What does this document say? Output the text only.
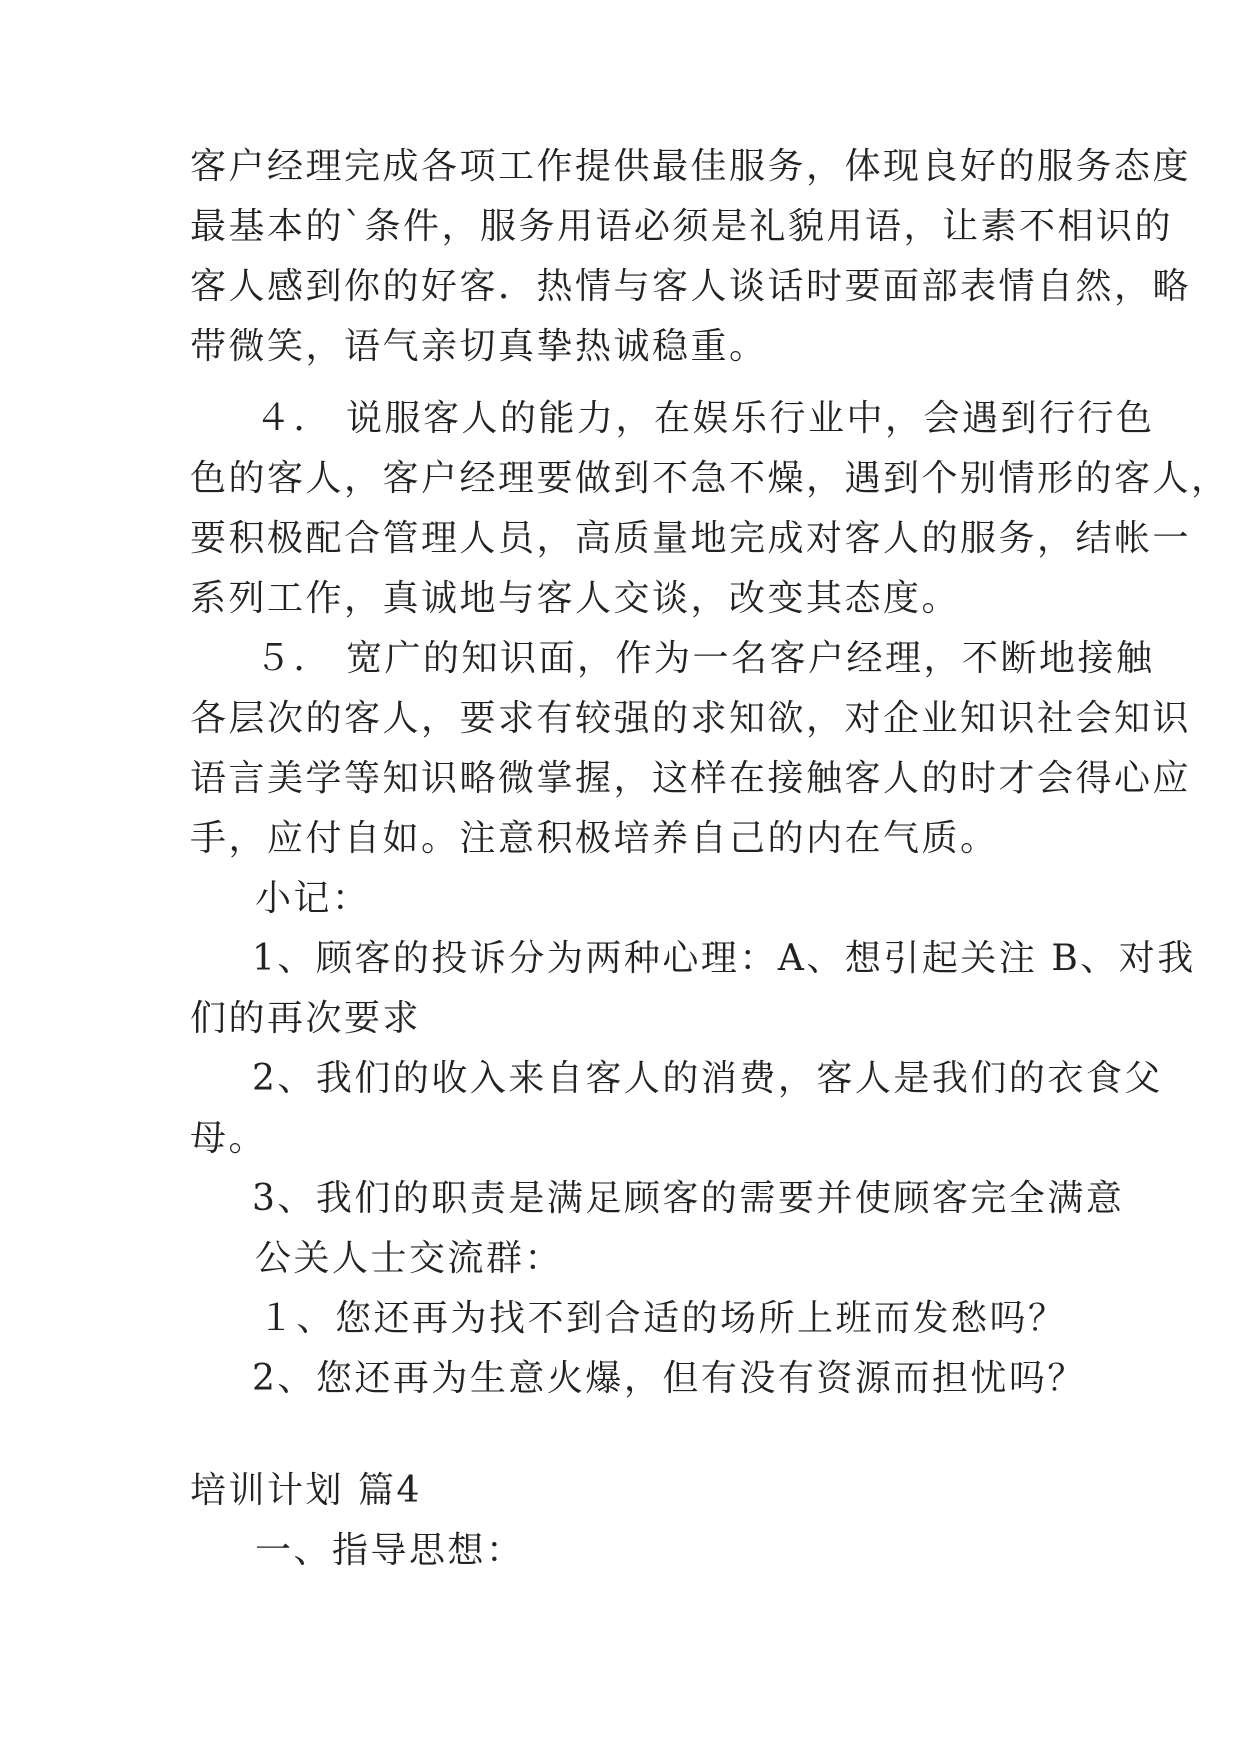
客户经理完成各项工作提供最佳服务，体现良好的服务态度
最基本的`条件，服务用语必须是礼貌用语，让素不相识的
客人感到你的好客．热情与客人谈话时要面部表情自然，略
带微笑，语气亲切真挚热诚稳重。
４． 说服客人的能力，在娱乐行业中，会遇到行行色
色的客人，客户经理要做到不急不燥，遇到个别情形的客人，
要积极配合管理人员，高质量地完成对客人的服务，结帐一
系列工作，真诚地与客人交谈，改变其态度。
５． 宽广的知识面，作为一名客户经理，不断地接触
各层次的客人，要求有较强的求知欲，对企业知识社会知识
语言美学等知识略微掌握，这样在接触客人的时才会得心应
手，应付自如。注意积极培养自己的内在气质。
小记：
1、顾客的投诉分为两种心理：A、想引起关注 B、对我
们的再次要求
2、我们的收入来自客人的消费，客人是我们的衣食父
母。
3、我们的职责是满足顾客的需要并使顾客完全满意
公关人士交流群：
１、您还再为找不到合适的场所上班而发愁吗？
2、您还再为生意火爆，但有没有资源而担忧吗？
培训计划 篇4
一、指导思想：
